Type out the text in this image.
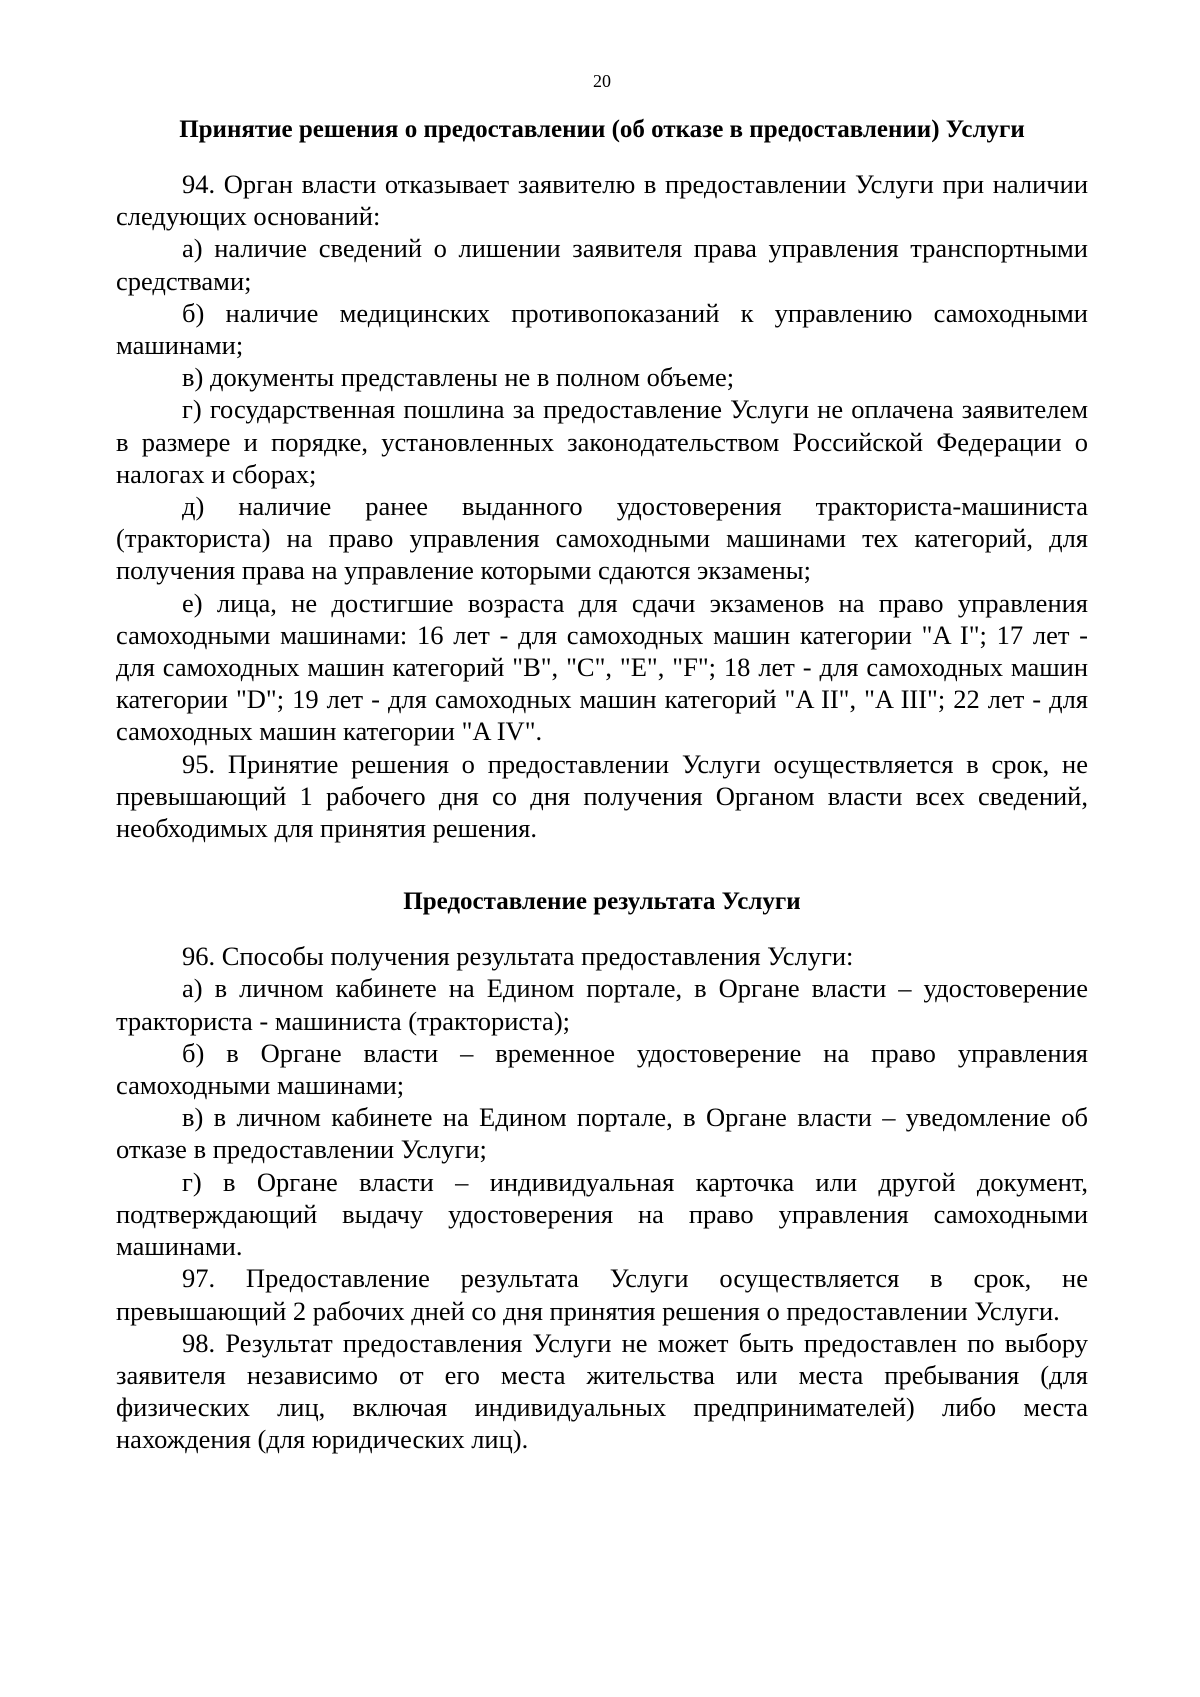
20
Принятие решения о предоставлении (об отказе в предоставлении) Услуги

94. Орган власти отказывает заявителю в предоставлении Услуги при наличии следующих оснований:

а) наличие сведений о лишении заявителя права управления транспортными средствами;

б) наличие медицинских противопоказаний к управлению самоходными машинами;

в) документы представлены не в полном объеме;

г) государственная пошлина за предоставление Услуги не оплачена заявителем в размере и порядке, установленных законодательством Российской Федерации о налогах и сборах;

д) наличие ранее выданного удостоверения тракториста-машиниста (тракториста) на право управления самоходными машинами тех категорий, для получения права на управление которыми сдаются экзамены;

е) лица, не достигшие возраста для сдачи экзаменов на право управления самоходными машинами: 16 лет - для самоходных машин категории "A I"; 17 лет - для самоходных машин категорий "B", "C", "E", "F"; 18 лет - для самоходных машин категории "D"; 19 лет - для самоходных машин категорий "A II", "A III"; 22 лет - для самоходных машин категории "A IV".

95. Принятие решения о предоставлении Услуги осуществляется в срок, не превышающий 1 рабочего дня со дня получения Органом власти всех сведений, необходимых для принятия решения.

Предоставление результата Услуги

96. Способы получения результата предоставления Услуги:

а) в личном кабинете на Едином портале, в Органе власти – удостоверение тракториста - машиниста (тракториста);

б) в Органе власти – временное удостоверение на право управления самоходными машинами;

в) в личном кабинете на Едином портале, в Органе власти – уведомление об отказе в предоставлении Услуги;

г) в Органе власти – индивидуальная карточка или другой документ, подтверждающий выдачу удостоверения на право управления самоходными машинами.

97. Предоставление результата Услуги осуществляется в срок, не превышающий 2 рабочих дней со дня принятия решения о предоставлении Услуги.

98. Результат предоставления Услуги не может быть предоставлен по выбору заявителя независимо от его места жительства или места пребывания (для физических лиц, включая индивидуальных предпринимателей) либо места нахождения (для юридических лиц).
